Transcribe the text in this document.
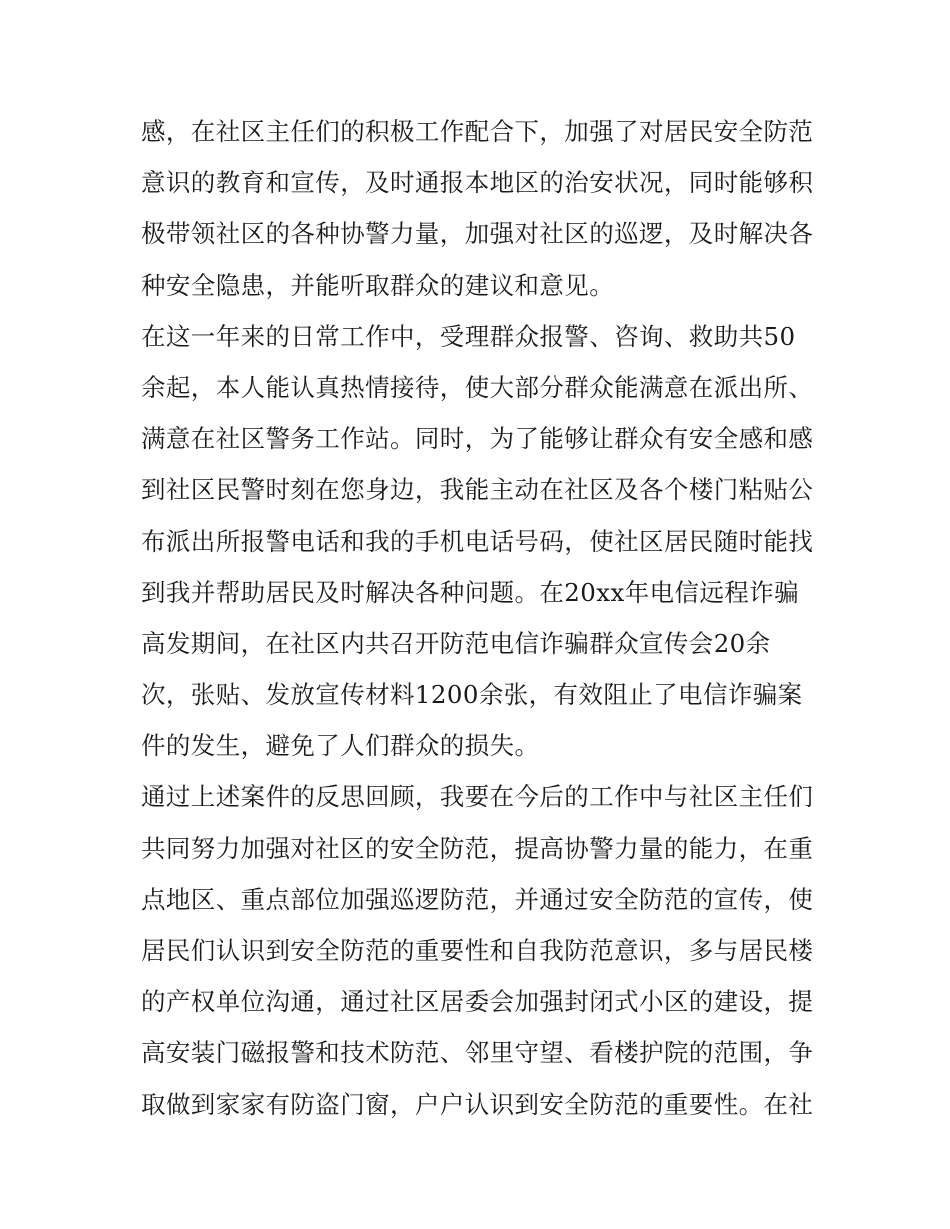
感，在社区主任们的积极工作配合下，加强了对居民安全防范
意识的教育和宣传，及时通报本地区的治安状况，同时能够积
极带领社区的各种协警力量，加强对社区的巡逻，及时解决各
种安全隐患，并能听取群众的建议和意见。
在这一年来的日常工作中，受理群众报警、咨询、救助共50
余起，本人能认真热情接待，使大部分群众能满意在派出所、
满意在社区警务工作站。同时，为了能够让群众有安全感和感
到社区民警时刻在您身边，我能主动在社区及各个楼门粘贴公
布派出所报警电话和我的手机电话号码，使社区居民随时能找
到我并帮助居民及时解决各种问题。在20xx年电信远程诈骗
高发期间，在社区内共召开防范电信诈骗群众宣传会20余
次，张贴、发放宣传材料1200余张，有效阻止了电信诈骗案
件的发生，避免了人们群众的损失。
通过上述案件的反思回顾，我要在今后的工作中与社区主任们
共同努力加强对社区的安全防范，提高协警力量的能力，在重
点地区、重点部位加强巡逻防范，并通过安全防范的宣传，使
居民们认识到安全防范的重要性和自我防范意识，多与居民楼
的产权单位沟通，通过社区居委会加强封闭式小区的建设，提
高安装门磁报警和技术防范、邻里守望、看楼护院的范围，争
取做到家家有防盗门窗，户户认识到安全防范的重要性。在社
